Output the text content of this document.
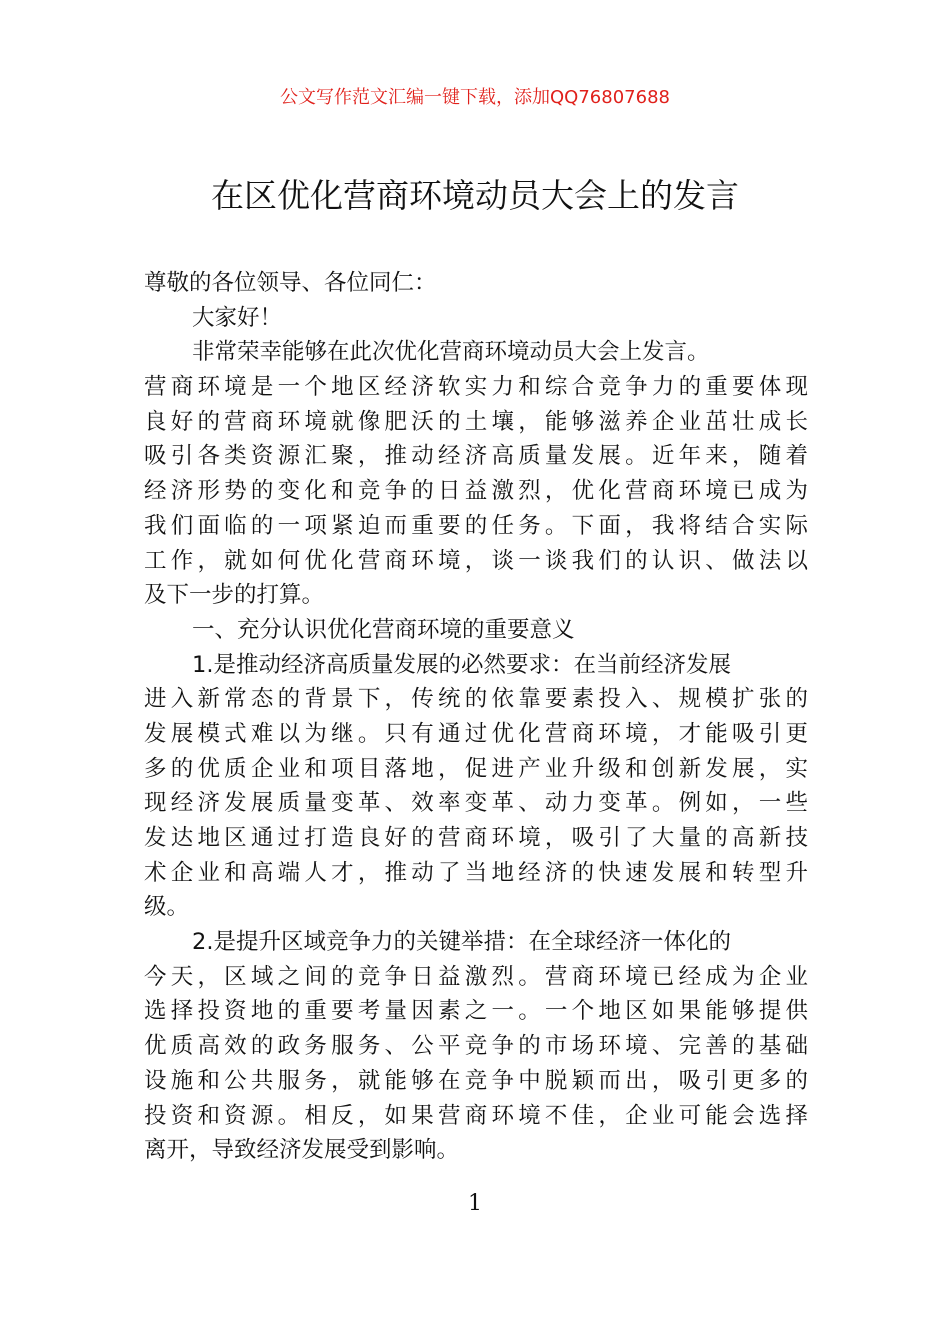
公文写作范文汇编一键下载，添加QQ76807688
在区优化营商环境动员大会上的发言
尊敬的各位领导、各位同仁：
大家好！
非常荣幸能够在此次优化营商环境动员大会上发言。
营商环境是一个地区经济软实力和综合竞争力的重要体现
良好的营商环境就像肥沃的土壤，能够滋养企业茁壮成长
吸引各类资源汇聚，推动经济高质量发展。近年来，随着
经济形势的变化和竞争的日益激烈，优化营商环境已成为
我们面临的一项紧迫而重要的任务。下面，我将结合实际
工作，就如何优化营商环境，谈一谈我们的认识、做法以
及下一步的打算。
一、充分认识优化营商环境的重要意义
1.是推动经济高质量发展的必然要求：在当前经济发展
进入新常态的背景下，传统的依靠要素投入、规模扩张的
发展模式难以为继。只有通过优化营商环境，才能吸引更
多的优质企业和项目落地，促进产业升级和创新发展，实
现经济发展质量变革、效率变革、动力变革。例如，一些
发达地区通过打造良好的营商环境，吸引了大量的高新技
术企业和高端人才，推动了当地经济的快速发展和转型升
级。
2.是提升区域竞争力的关键举措：在全球经济一体化的
今天，区域之间的竞争日益激烈。营商环境已经成为企业
选择投资地的重要考量因素之一。一个地区如果能够提供
优质高效的政务服务、公平竞争的市场环境、完善的基础
设施和公共服务，就能够在竞争中脱颖而出，吸引更多的
投资和资源。相反，如果营商环境不佳，企业可能会选择
离开，导致经济发展受到影响。
1
